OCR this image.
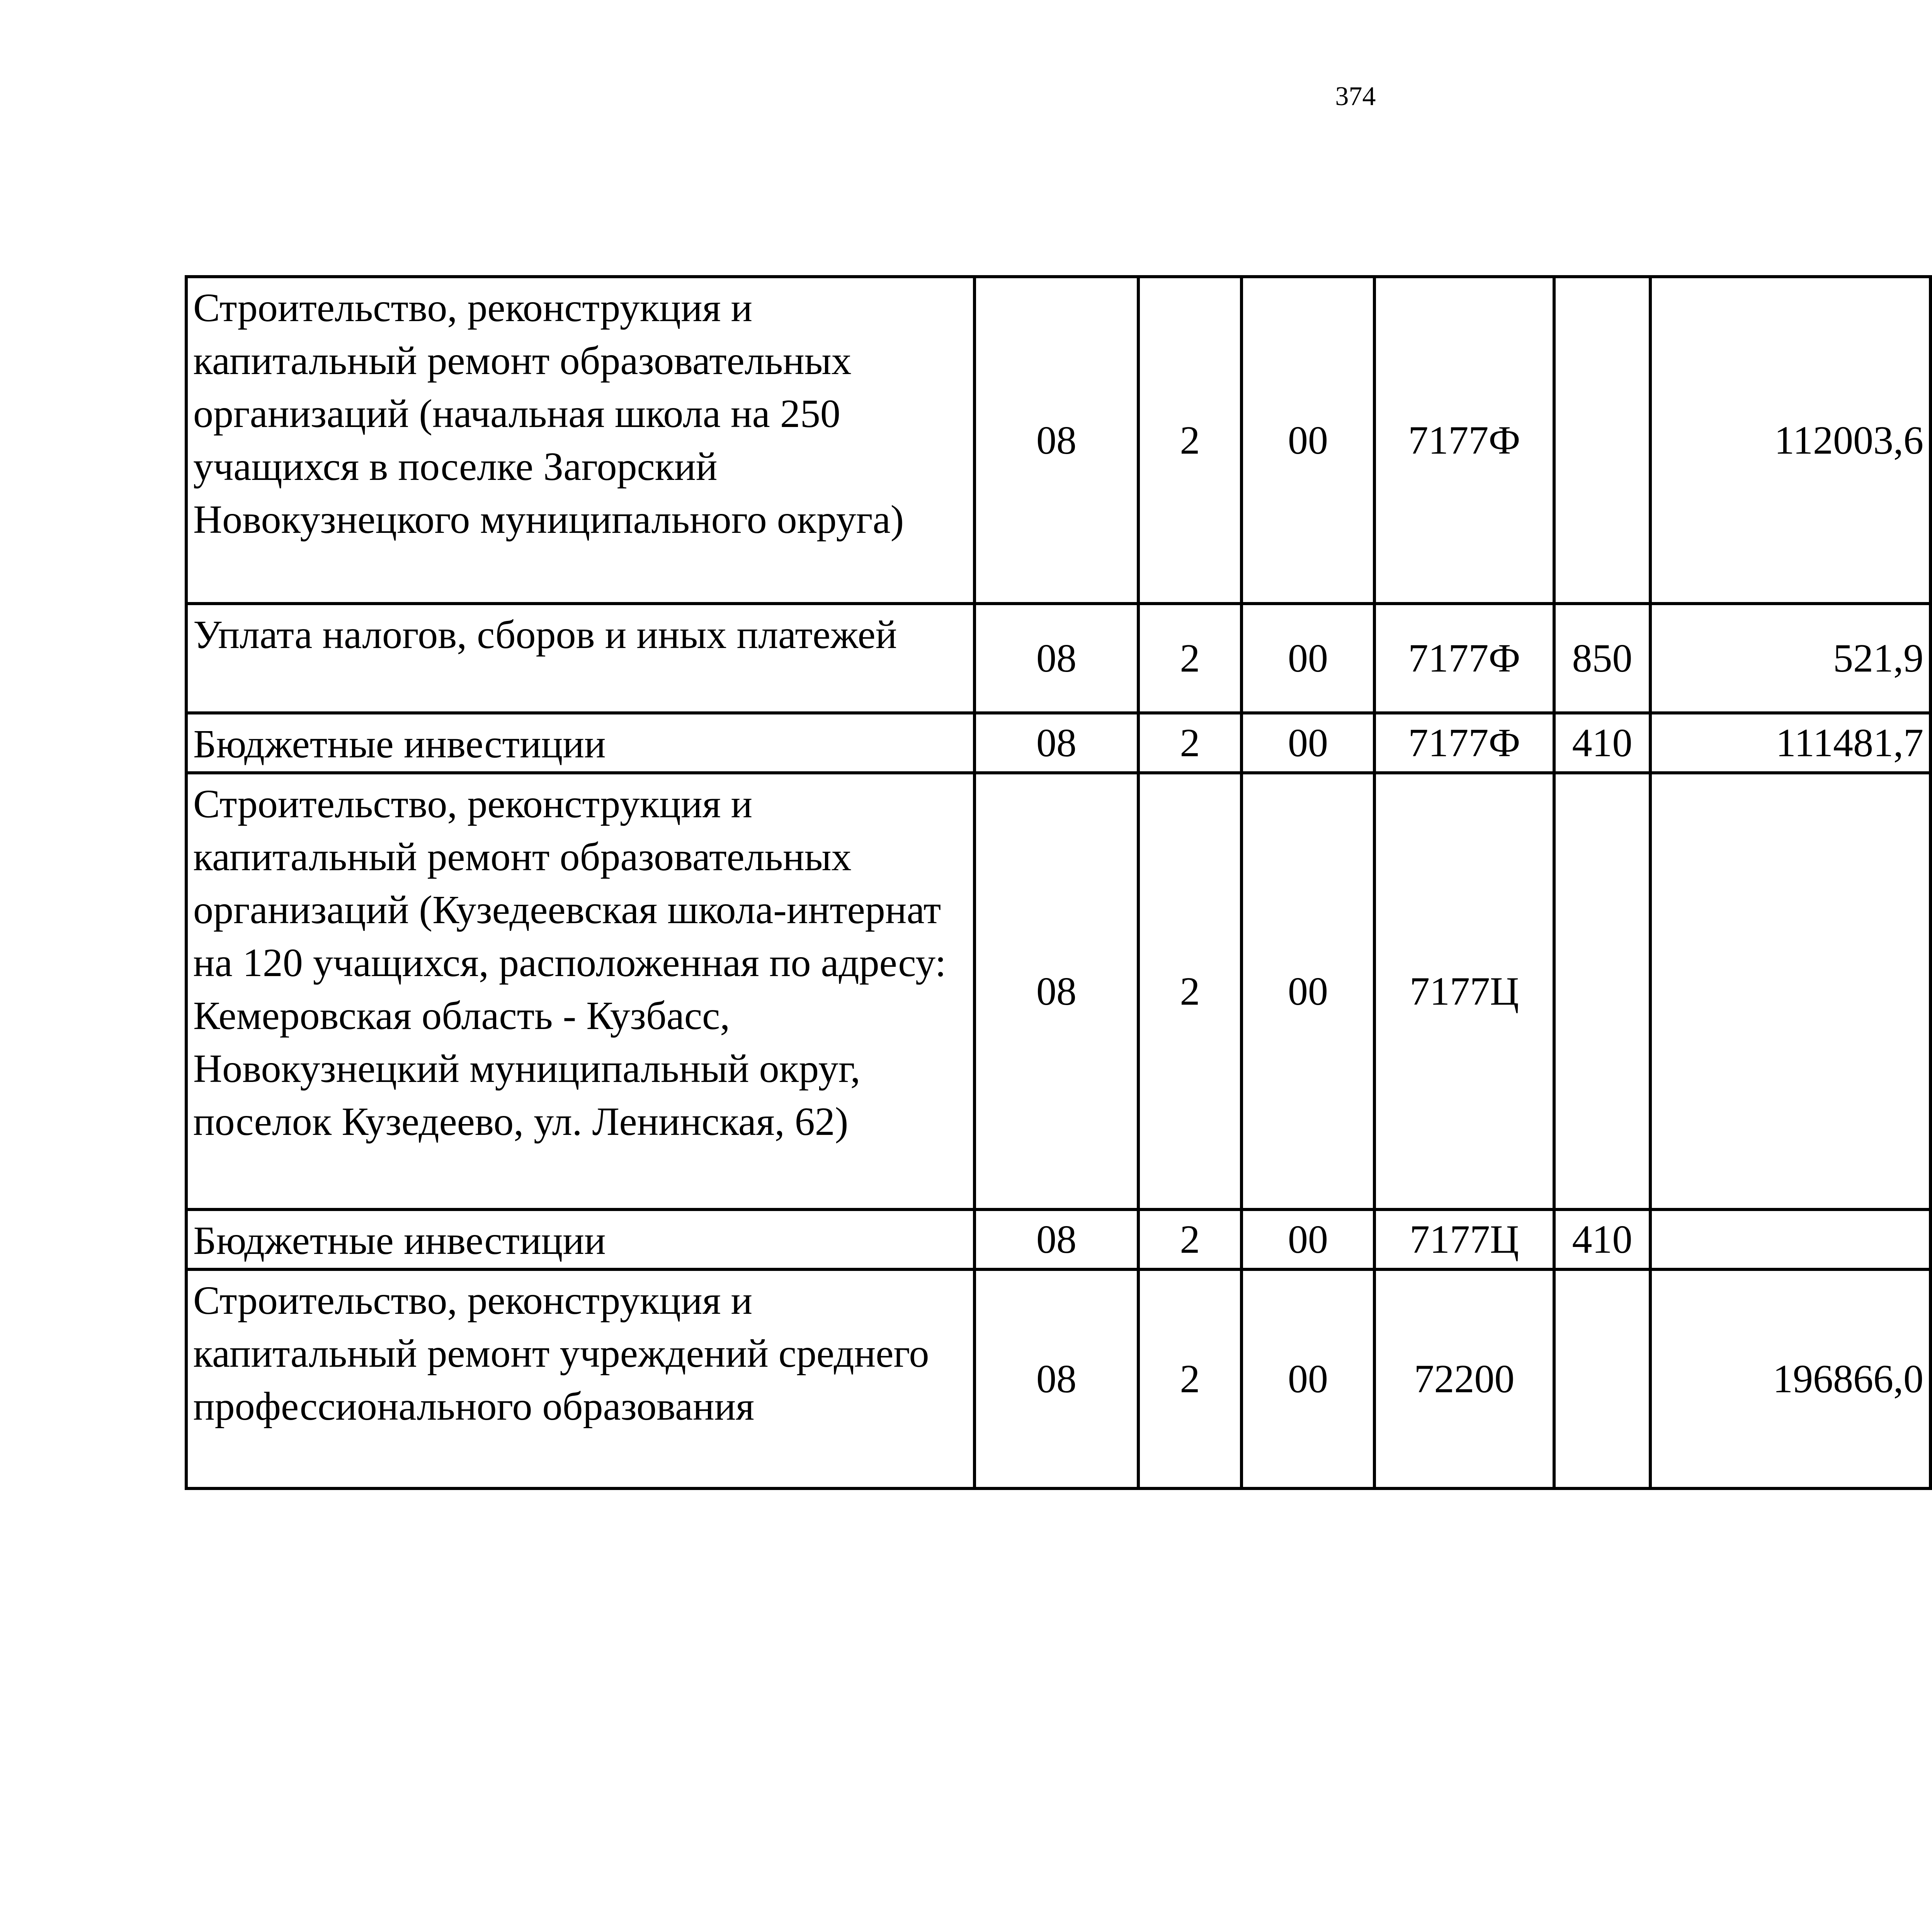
374
Строительство, реконструкция и капитальный ремонт образовательных организаций (начальная школа на 250 учащихся в поселке Загорский Новокузнецкого муниципального округа)	08	2	00	7177Ф		112003,6		
Уплата налогов, сборов и иных платежей	08	2	00	7177Ф	850	521,9		
Бюджетные инвестиции	08	2	00	7177Ф	410	111481,7		
Строительство, реконструкция и капитальный ремонт образовательных организаций (Кузедеевская школа-интернат на 120 учащихся, расположенная по адресу: Кемеровская область - Кузбасс, Новокузнецкий муниципальный округ, поселок Кузедеево, ул. Ленинская, 62)	08	2	00	7177Ц				
Бюджетные инвестиции	08	2	00	7177Ц	410			
Строительство, реконструкция и капитальный ремонт учреждений среднего профессионального образования	08	2	00	72200		196866,0		
